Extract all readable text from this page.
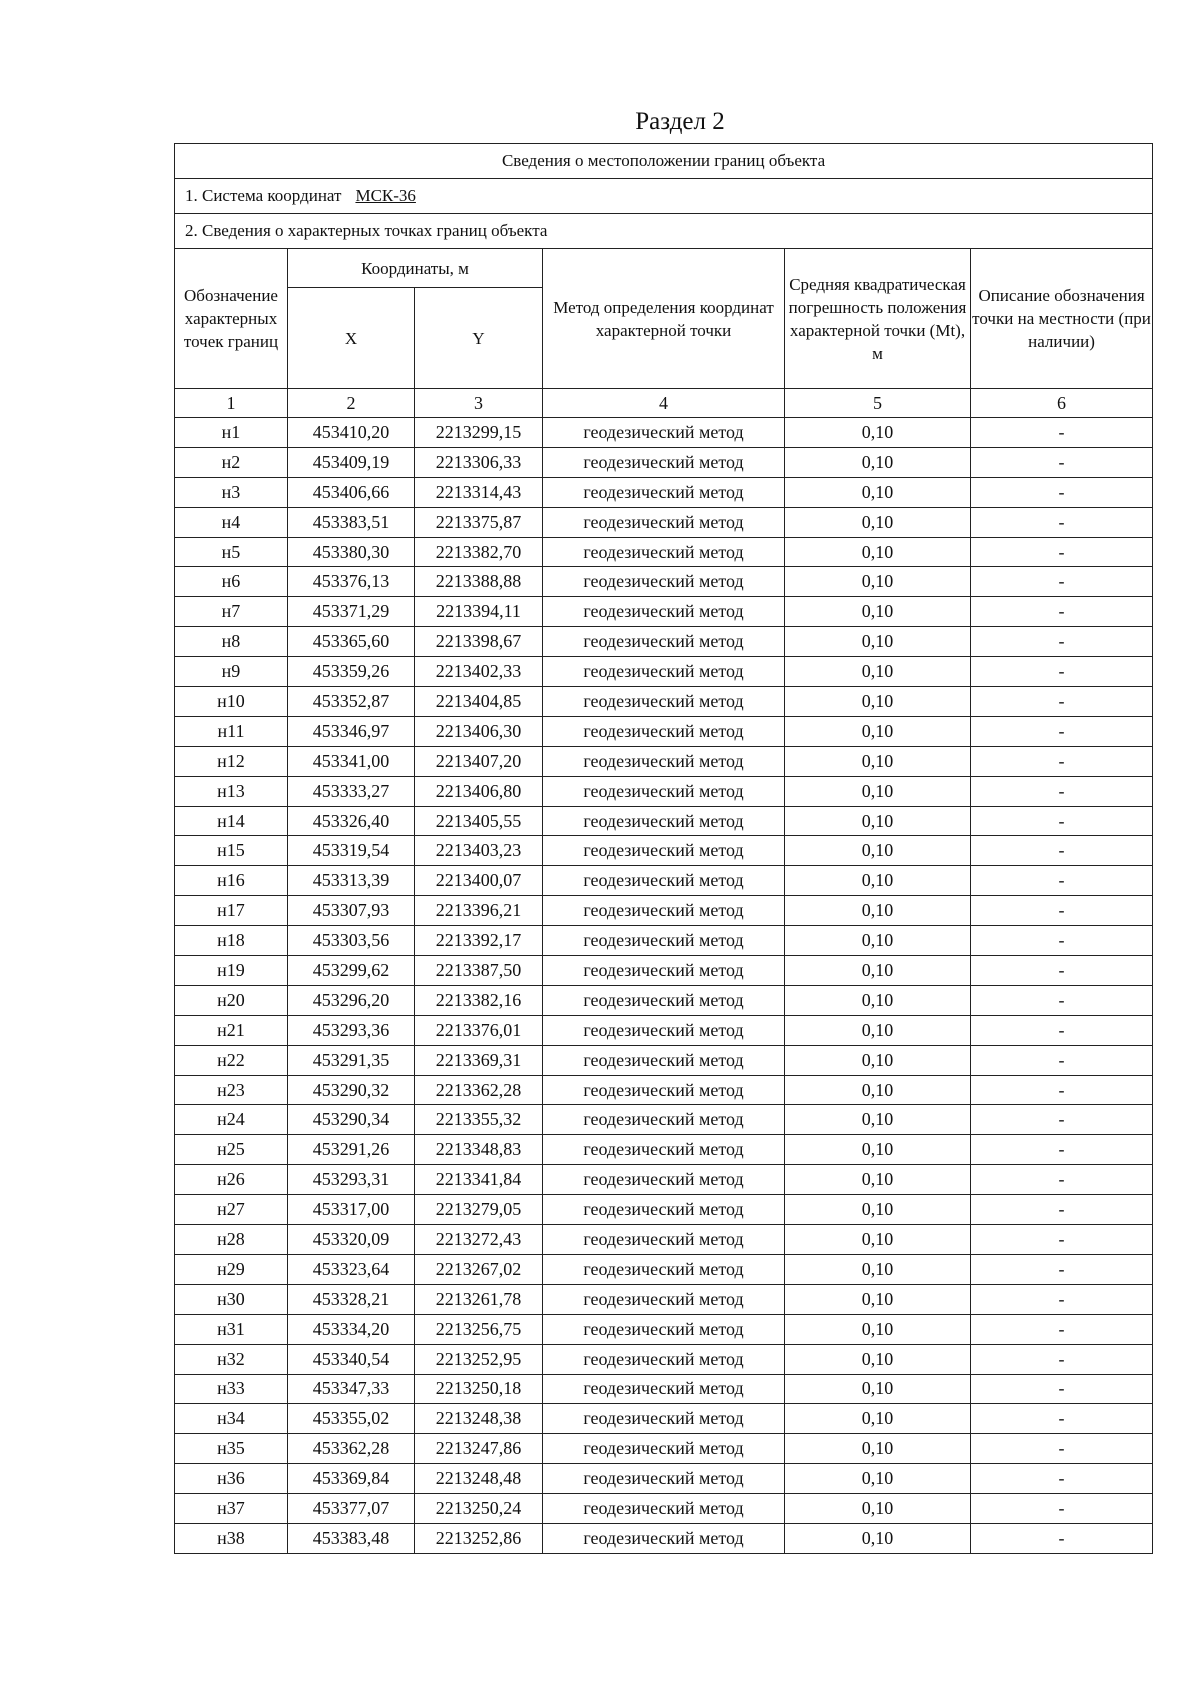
Раздел 2
Сведения о местоположении границ объекта					
1. Система координат МСК-36					
2. Сведения о характерных точках границ объекта					
Обозначение характерных точек границ	Координаты, м		Метод определения координат характерной точки	Средняя квадратическая погрешность положения характерной точки (Mt), м	Описание обозначения точки на местности (при наличии)
	X	Y			
1	2	3	4	5	6
н1	453410,20	2213299,15	геодезический метод	0,10	-
н2	453409,19	2213306,33	геодезический метод	0,10	-
н3	453406,66	2213314,43	геодезический метод	0,10	-
н4	453383,51	2213375,87	геодезический метод	0,10	-
н5	453380,30	2213382,70	геодезический метод	0,10	-
н6	453376,13	2213388,88	геодезический метод	0,10	-
н7	453371,29	2213394,11	геодезический метод	0,10	-
н8	453365,60	2213398,67	геодезический метод	0,10	-
н9	453359,26	2213402,33	геодезический метод	0,10	-
н10	453352,87	2213404,85	геодезический метод	0,10	-
н11	453346,97	2213406,30	геодезический метод	0,10	-
н12	453341,00	2213407,20	геодезический метод	0,10	-
н13	453333,27	2213406,80	геодезический метод	0,10	-
н14	453326,40	2213405,55	геодезический метод	0,10	-
н15	453319,54	2213403,23	геодезический метод	0,10	-
н16	453313,39	2213400,07	геодезический метод	0,10	-
н17	453307,93	2213396,21	геодезический метод	0,10	-
н18	453303,56	2213392,17	геодезический метод	0,10	-
н19	453299,62	2213387,50	геодезический метод	0,10	-
н20	453296,20	2213382,16	геодезический метод	0,10	-
н21	453293,36	2213376,01	геодезический метод	0,10	-
н22	453291,35	2213369,31	геодезический метод	0,10	-
н23	453290,32	2213362,28	геодезический метод	0,10	-
н24	453290,34	2213355,32	геодезический метод	0,10	-
н25	453291,26	2213348,83	геодезический метод	0,10	-
н26	453293,31	2213341,84	геодезический метод	0,10	-
н27	453317,00	2213279,05	геодезический метод	0,10	-
н28	453320,09	2213272,43	геодезический метод	0,10	-
н29	453323,64	2213267,02	геодезический метод	0,10	-
н30	453328,21	2213261,78	геодезический метод	0,10	-
н31	453334,20	2213256,75	геодезический метод	0,10	-
н32	453340,54	2213252,95	геодезический метод	0,10	-
н33	453347,33	2213250,18	геодезический метод	0,10	-
н34	453355,02	2213248,38	геодезический метод	0,10	-
н35	453362,28	2213247,86	геодезический метод	0,10	-
н36	453369,84	2213248,48	геодезический метод	0,10	-
н37	453377,07	2213250,24	геодезический метод	0,10	-
н38	453383,48	2213252,86	геодезический метод	0,10	-
